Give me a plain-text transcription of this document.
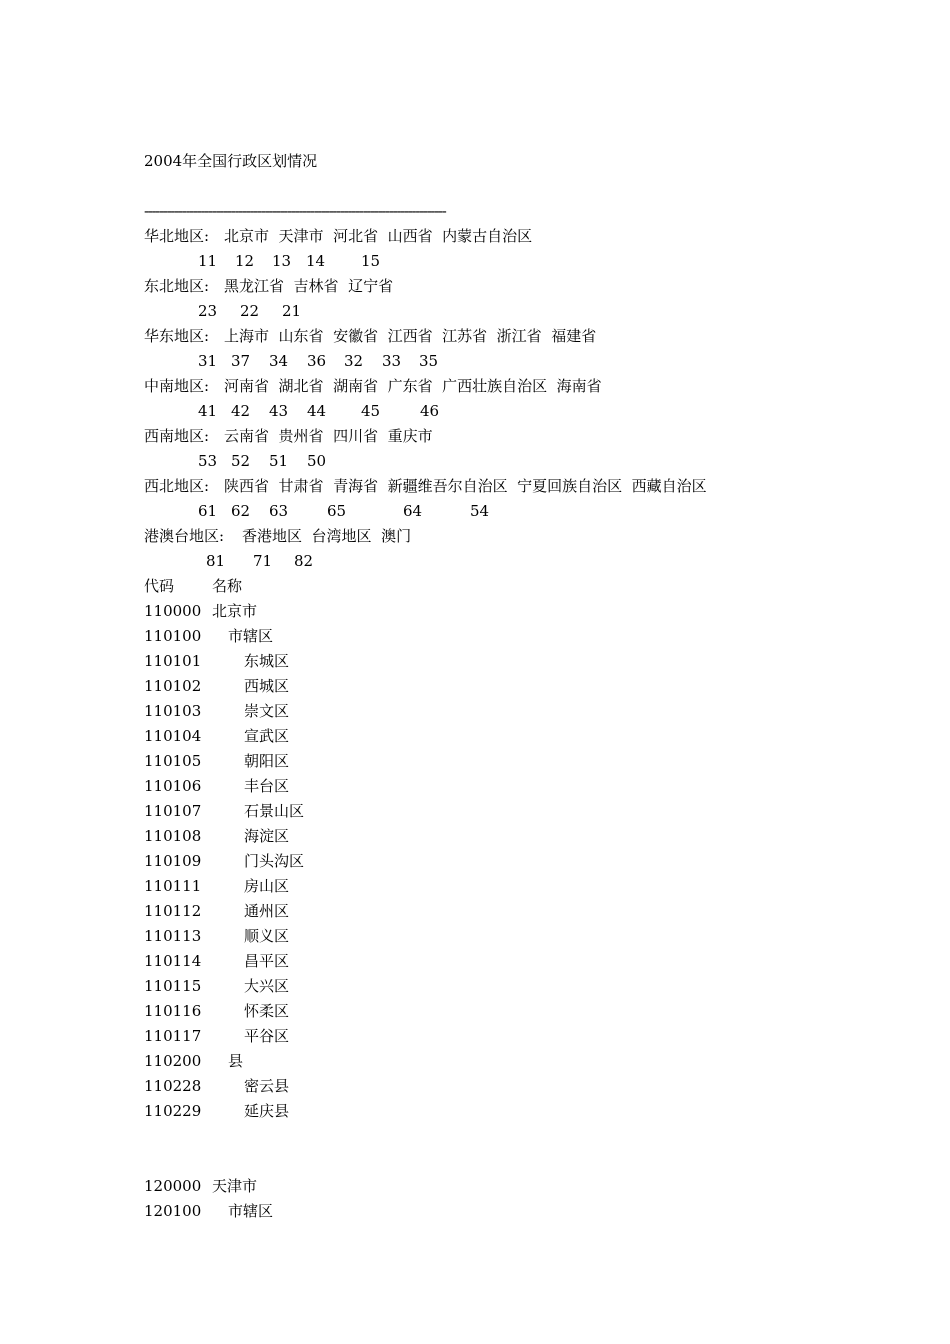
2004年全国行政区划情况
--------------------------------------------------------------------------------
华北地区: 北京市  天津市  河北省  山西省  内蒙古自治区
11 12 13 14 15
东北地区: 黑龙江省  吉林省  辽宁省
23 22 21
华东地区: 上海市  山东省  安徽省  江西省  江苏省  浙江省  福建省
31 37 34 36 32 33 35
中南地区: 河南省  湖北省  湖南省  广东省  广西壮族自治区  海南省
41 42 43 44 45	46
西南地区: 云南省  贵州省  四川省  重庆市
53 52 51 50
西北地区: 陕西省  甘肃省  青海省  新疆维吾尔自治区  宁夏回族自治区  西藏自治区
61 62 63	65	64	54
港澳台地区: 香港地区  台湾地区  澳门
81 71 82
代码	名称
110000 北京市
110100 市辖区
110101	东城区
110102	西城区
110103	崇文区
110104	宣武区
110105	朝阳区
110106	丰台区
110107	石景山区
110108	海淀区
110109	门头沟区
110111	房山区
110112	通州区
110113	顺义区
110114	昌平区
110115	大兴区
110116	怀柔区
110117	平谷区
110200 县
110228	密云县
110229	延庆县
120000 天津市
120100 市辖区
